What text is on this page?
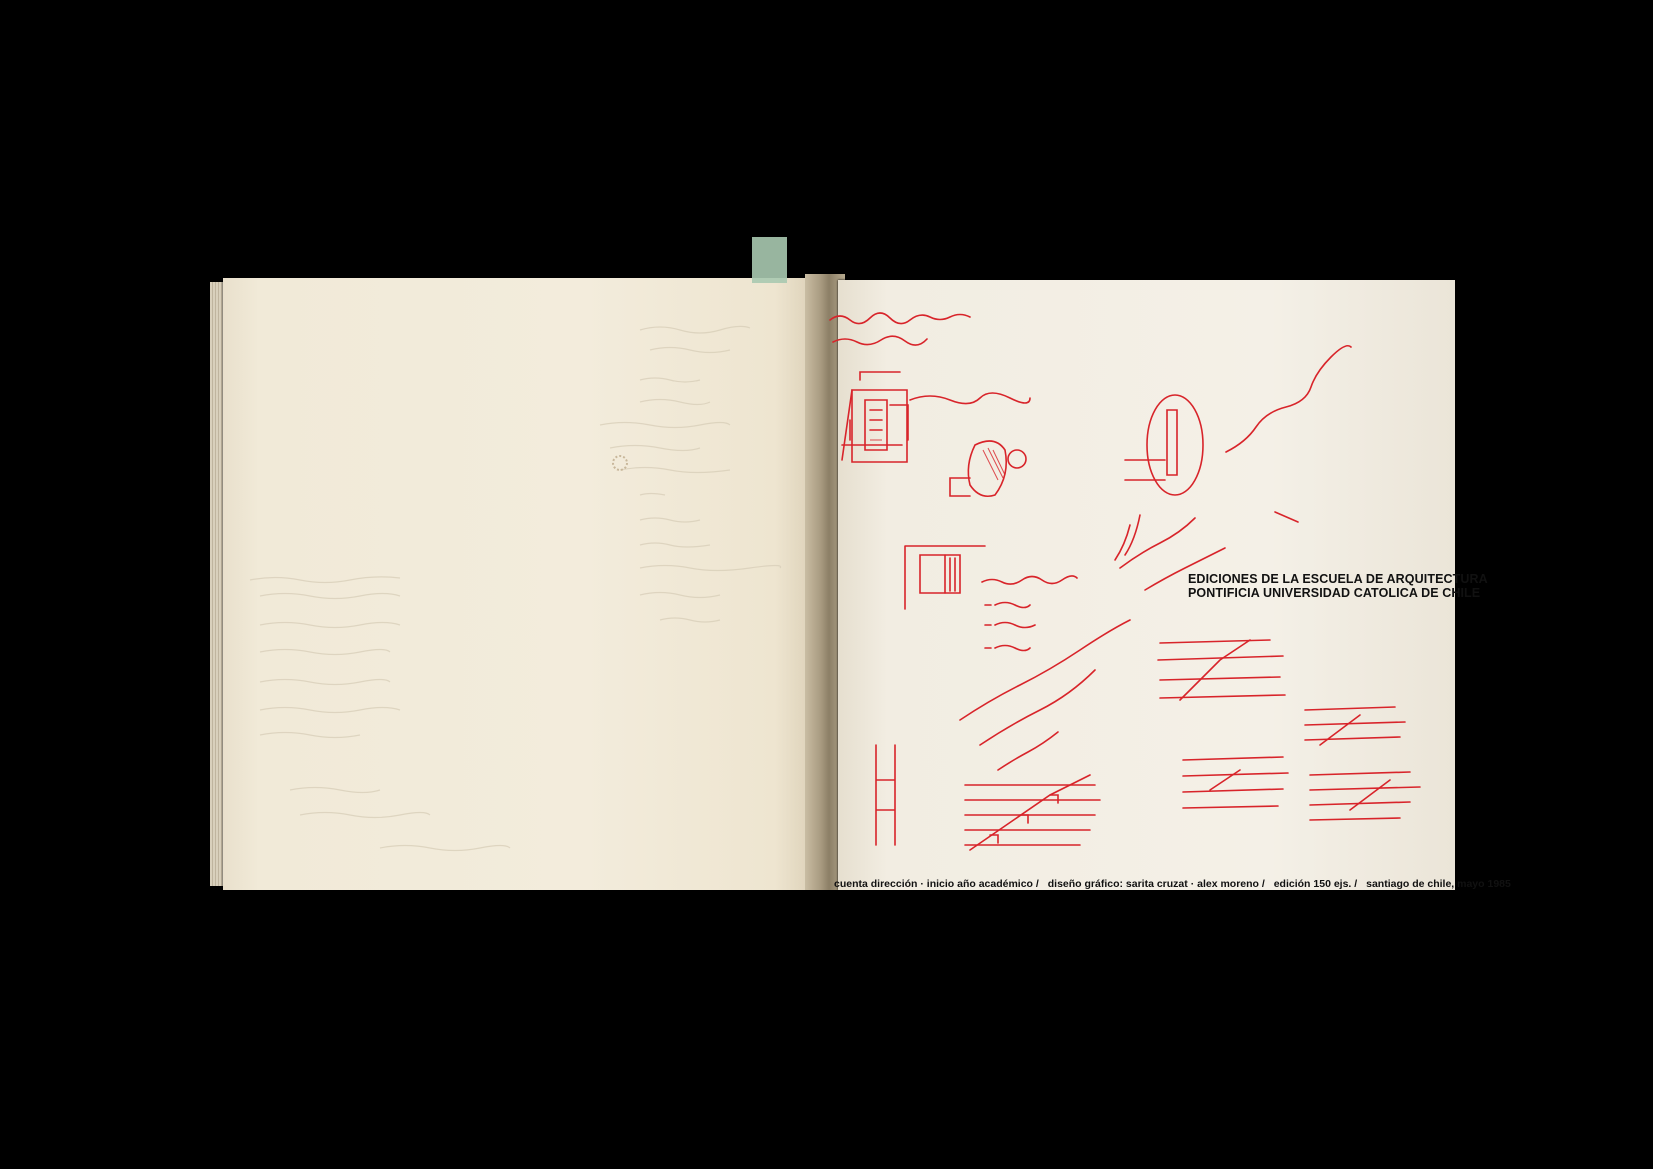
EDICIONES DE LA ESCUELA DE ARQUITECTURA
PONTIFICIA UNIVERSIDAD CATOLICA DE CHILE
cuenta dirección · inicio año académico / diseño gráfico: sarita cruzat · alex moreno / edición 150 ejs. / santiago de chile, mayo 1985
